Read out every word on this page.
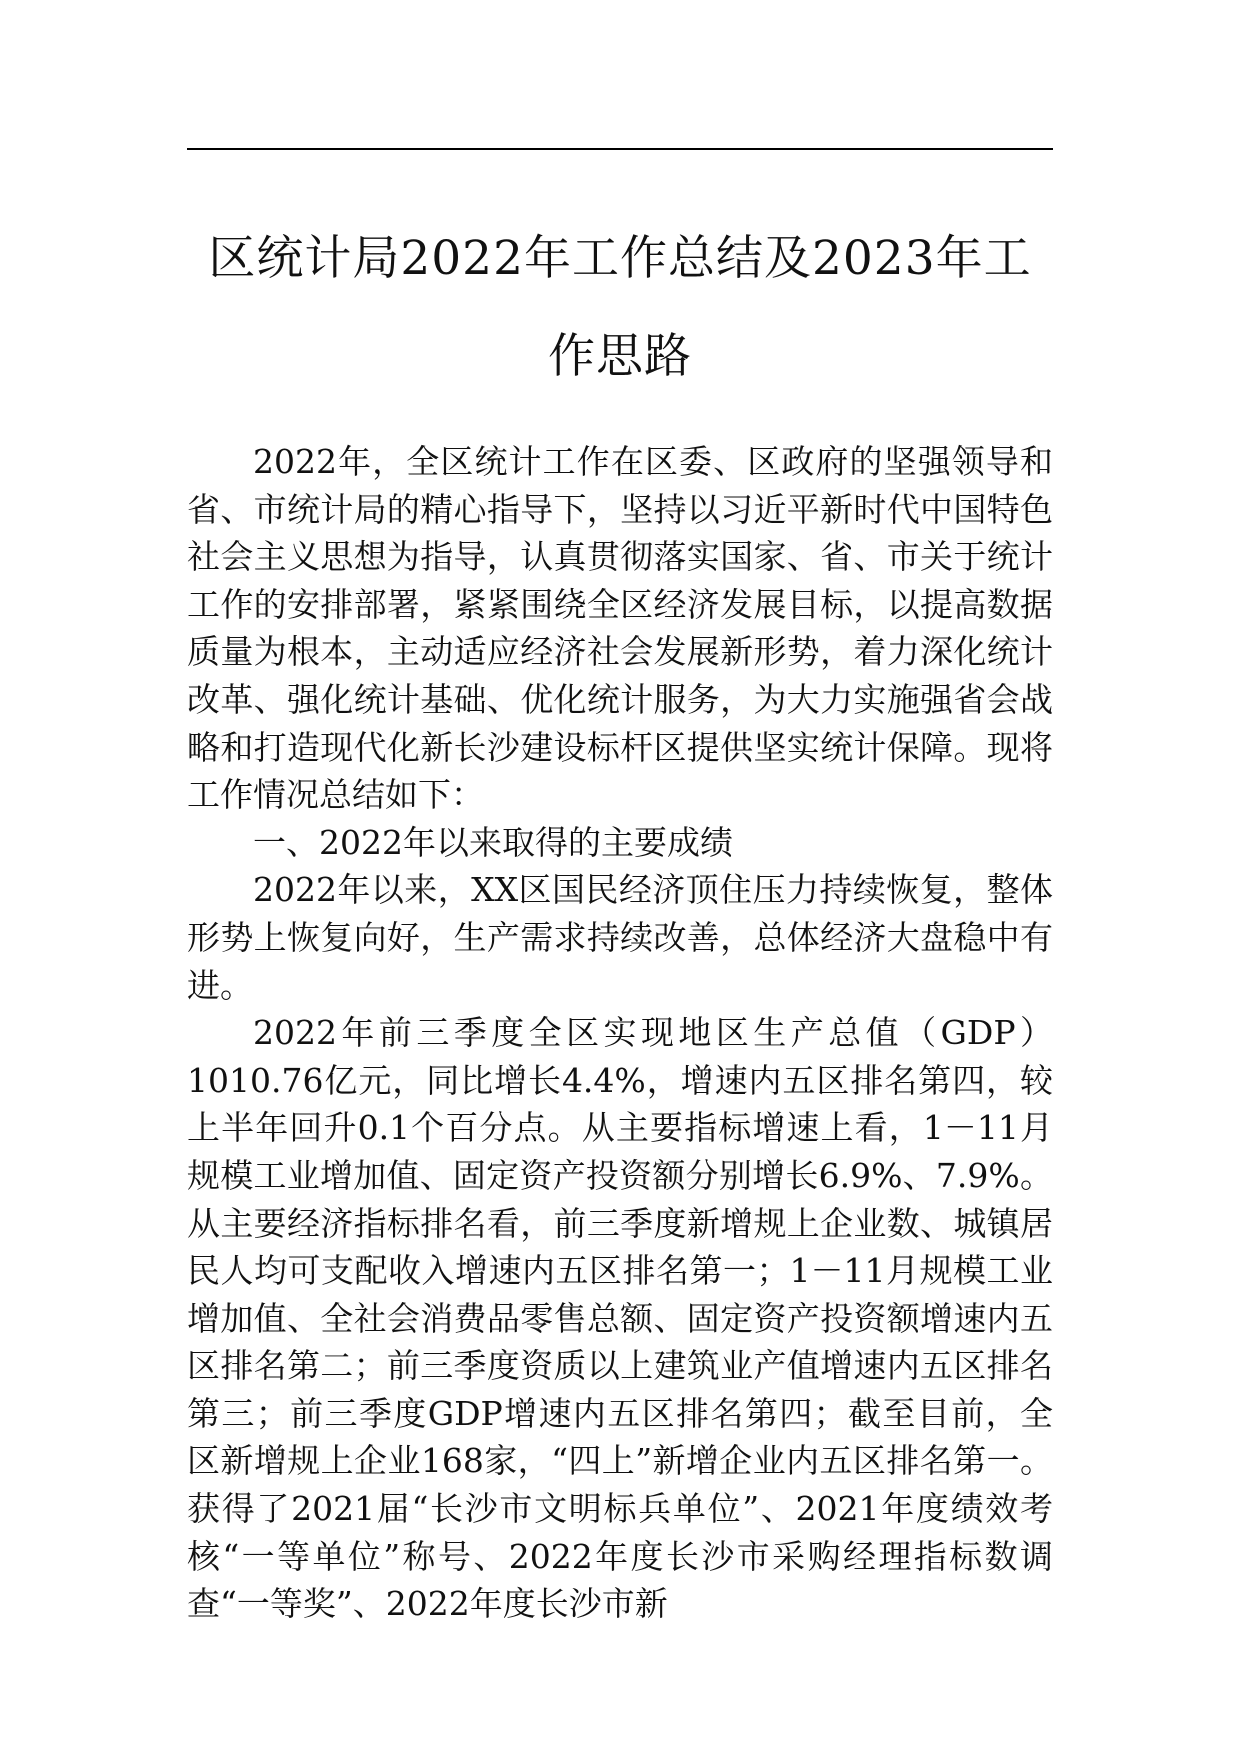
区统计局2022年工作总结及2023年工作思路

2022年，全区统计工作在区委、区政府的坚强领导和省、市统计局的精心指导下，坚持以习近平新时代中国特色社会主义思想为指导，认真贯彻落实国家、省、市关于统计工作的安排部署，紧紧围绕全区经济发展目标，以提高数据质量为根本，主动适应经济社会发展新形势，着力深化统计改革、强化统计基础、优化统计服务，为大力实施强省会战略和打造现代化新长沙建设标杆区提供坚实统计保障。现将工作情况总结如下：

一、2022年以来取得的主要成绩

2022年以来，XX区国民经济顶住压力持续恢复，整体形势上恢复向好，生产需求持续改善，总体经济大盘稳中有进。

2022年前三季度全区实现地区生产总值（GDP）1010.76亿元，同比增长4.4%，增速内五区排名第四，较上半年回升0.1个百分点。从主要指标增速上看，1－11月规模工业增加值、固定资产投资额分别增长6.9%、7.9%。从主要经济指标排名看，前三季度新增规上企业数、城镇居民人均可支配收入增速内五区排名第一；1－11月规模工业增加值、全社会消费品零售总额、固定资产投资额增速内五区排名第二；前三季度资质以上建筑业产值增速内五区排名第三；前三季度GDP增速内五区排名第四；截至目前，全区新增规上企业168家，“四上”新增企业内五区排名第一。获得了2021届“长沙市文明标兵单位”、2021年度绩效考核“一等单位”称号、2022年度长沙市采购经理指标数调查“一等奖”、2022年度长沙市新
